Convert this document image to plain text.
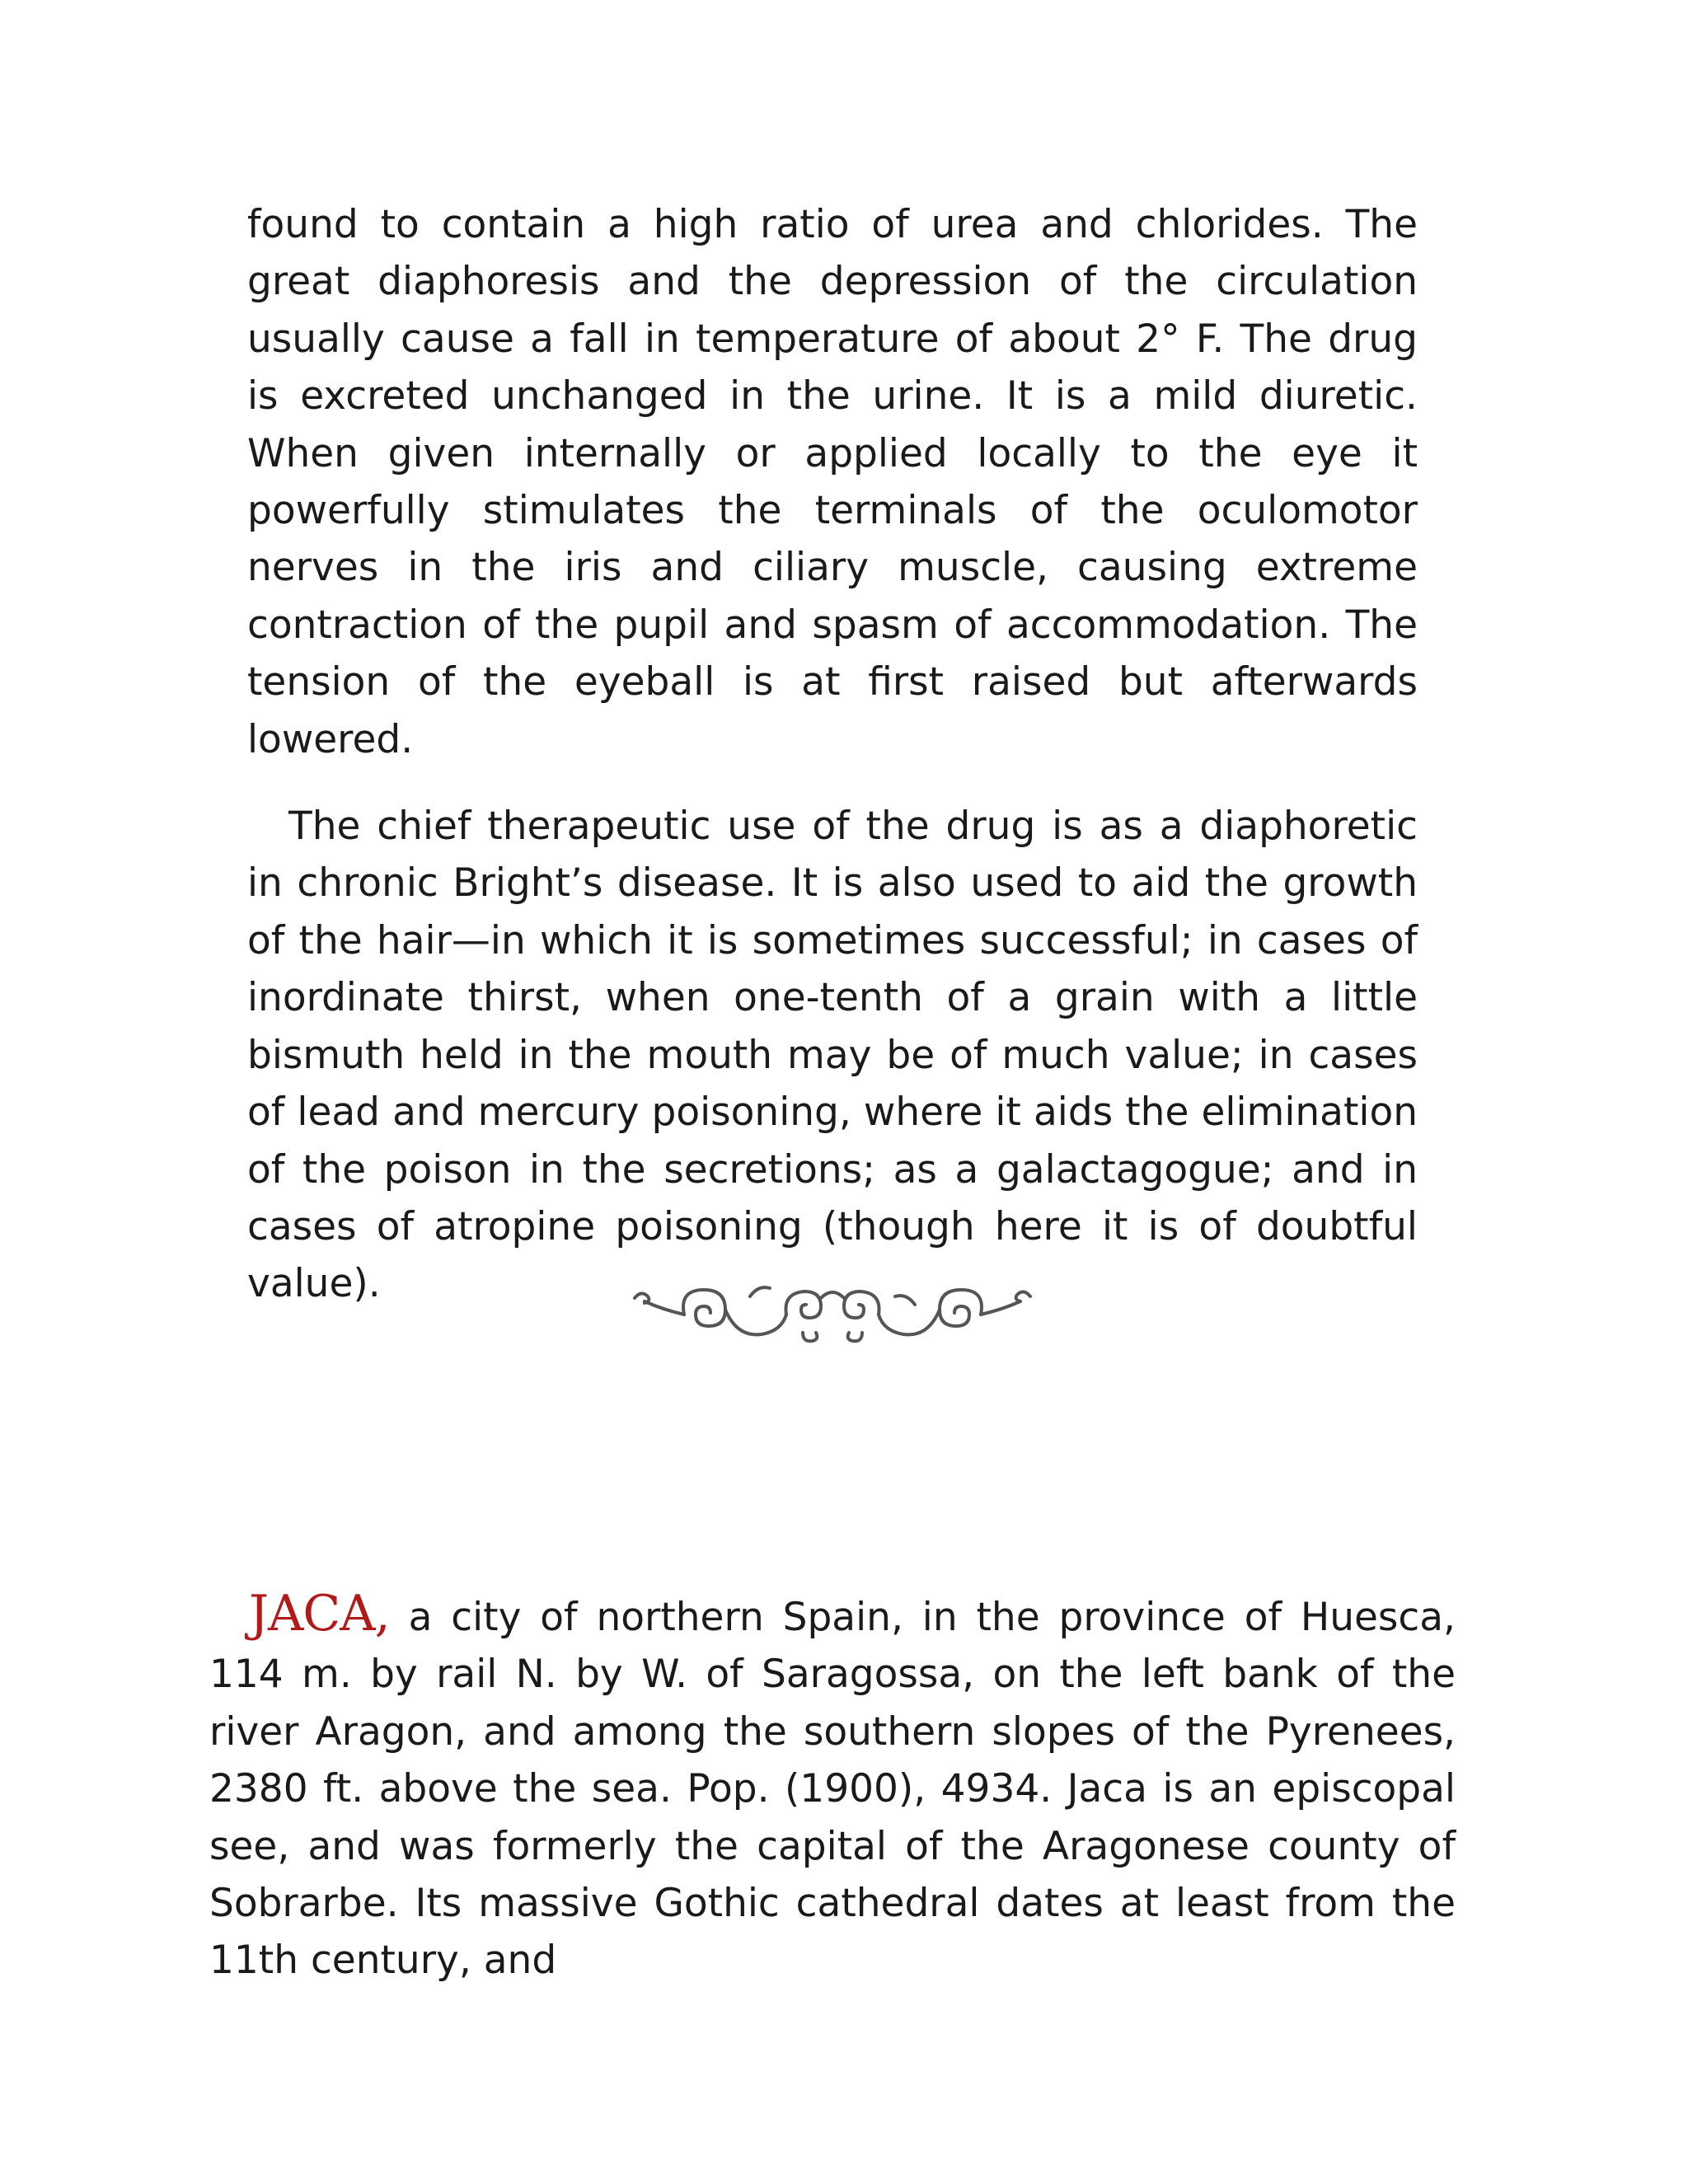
found to contain a high ratio of urea and chlorides. The great diaphoresis and the depression of the circulation usually cause a fall in temperature of about 2° F. The drug is excreted unchanged in the urine. It is a mild diuretic. When given internally or applied locally to the eye it powerfully stimulates the terminals of the oculomotor nerves in the iris and ciliary muscle, causing extreme contraction of the pupil and spasm of accommodation. The tension of the eyeball is at first raised but afterwards lowered.

The chief therapeutic use of the drug is as a diaphoretic in chronic Bright’s disease. It is also used to aid the growth of the hair—in which it is sometimes successful; in cases of inordinate thirst, when one-tenth of a grain with a little bismuth held in the mouth may be of much value; in cases of lead and mercury poisoning, where it aids the elimination of the poison in the secretions; as a galactagogue; and in cases of atropine poisoning (though here it is of doubtful value).

JACA, a city of northern Spain, in the province of Huesca, 114 m. by rail N. by W. of Saragossa, on the left bank of the river Aragon, and among the southern slopes of the Pyrenees, 2380 ft. above the sea. Pop. (1900), 4934. Jaca is an episcopal see, and was formerly the capital of the Aragonese county of Sobrarbe. Its massive Gothic cathedral dates at least from the 11th century, and
